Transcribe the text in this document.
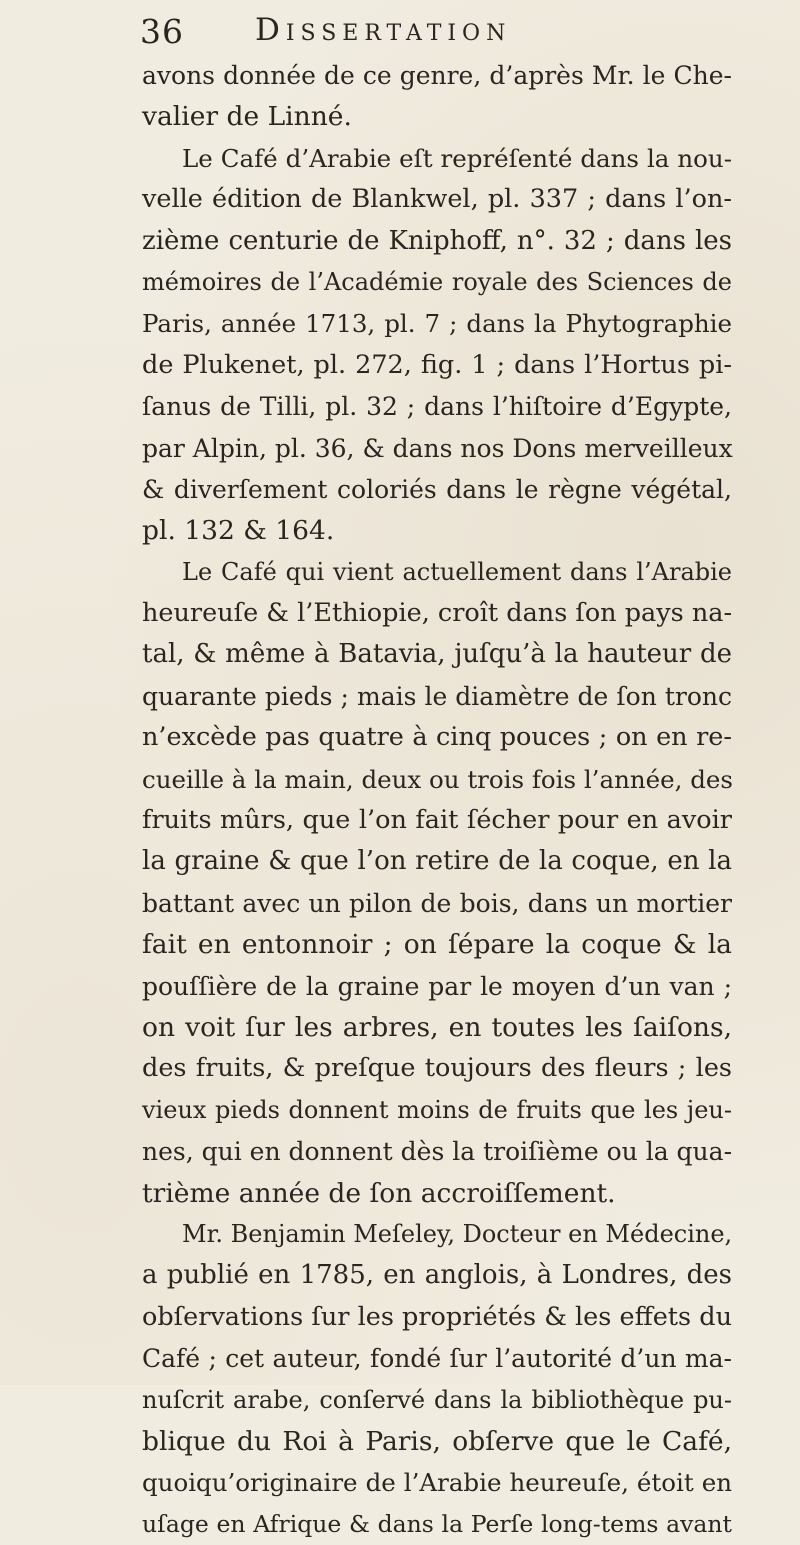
36 Dissertation
avons donnée de ce genre, d’après Mr. le Che-
valier de Linné.
Le Café d’Arabie eſt repréſenté dans la nou-
velle édition de Blankwel, pl. 337 ; dans l’on-
zième centurie de Kniphoff, n°. 32 ; dans les
mémoires de l’Académie royale des Sciences de
Paris, année 1713, pl. 7 ; dans la Phytographie
de Plukenet, pl. 272, fig. 1 ; dans l’Hortus pi-
ſanus de Tilli, pl. 32 ; dans l’hiſtoire d’Egypte,
par Alpin, pl. 36, & dans nos Dons merveilleux
& diverſement coloriés dans le règne végétal,
pl. 132 & 164.
Le Café qui vient actuellement dans l’Arabie
heureuſe & l’Ethiopie, croît dans ſon pays na-
tal, & même à Batavia, juſqu’à la hauteur de
quarante pieds ; mais le diamètre de ſon tronc
n’excède pas quatre à cinq pouces ; on en re-
cueille à la main, deux ou trois fois l’année, des
fruits mûrs, que l’on fait ſécher pour en avoir
la graine & que l’on retire de la coque, en la
battant avec un pilon de bois, dans un mortier
fait en entonnoir ; on ſépare la coque & la
pouſſière de la graine par le moyen d’un van ;
on voit ſur les arbres, en toutes les ſaiſons,
des fruits, & preſque toujours des fleurs ; les
vieux pieds donnent moins de fruits que les jeu-
nes, qui en donnent dès la troiſième ou la qua-
trième année de ſon accroiſſement.
Mr. Benjamin Meſeley, Docteur en Médecine,
a publié en 1785, en anglois, à Londres, des
obſervations ſur les propriétés & les effets du
Café ; cet auteur, fondé ſur l’autorité d’un ma-
nuſcrit arabe, conſervé dans la bibliothèque pu-
blique du Roi à Paris, obſerve que le Café,
quoiqu’originaire de l’Arabie heureuſe, étoit en
uſage en Afrique & dans la Perſe long-tems avant
